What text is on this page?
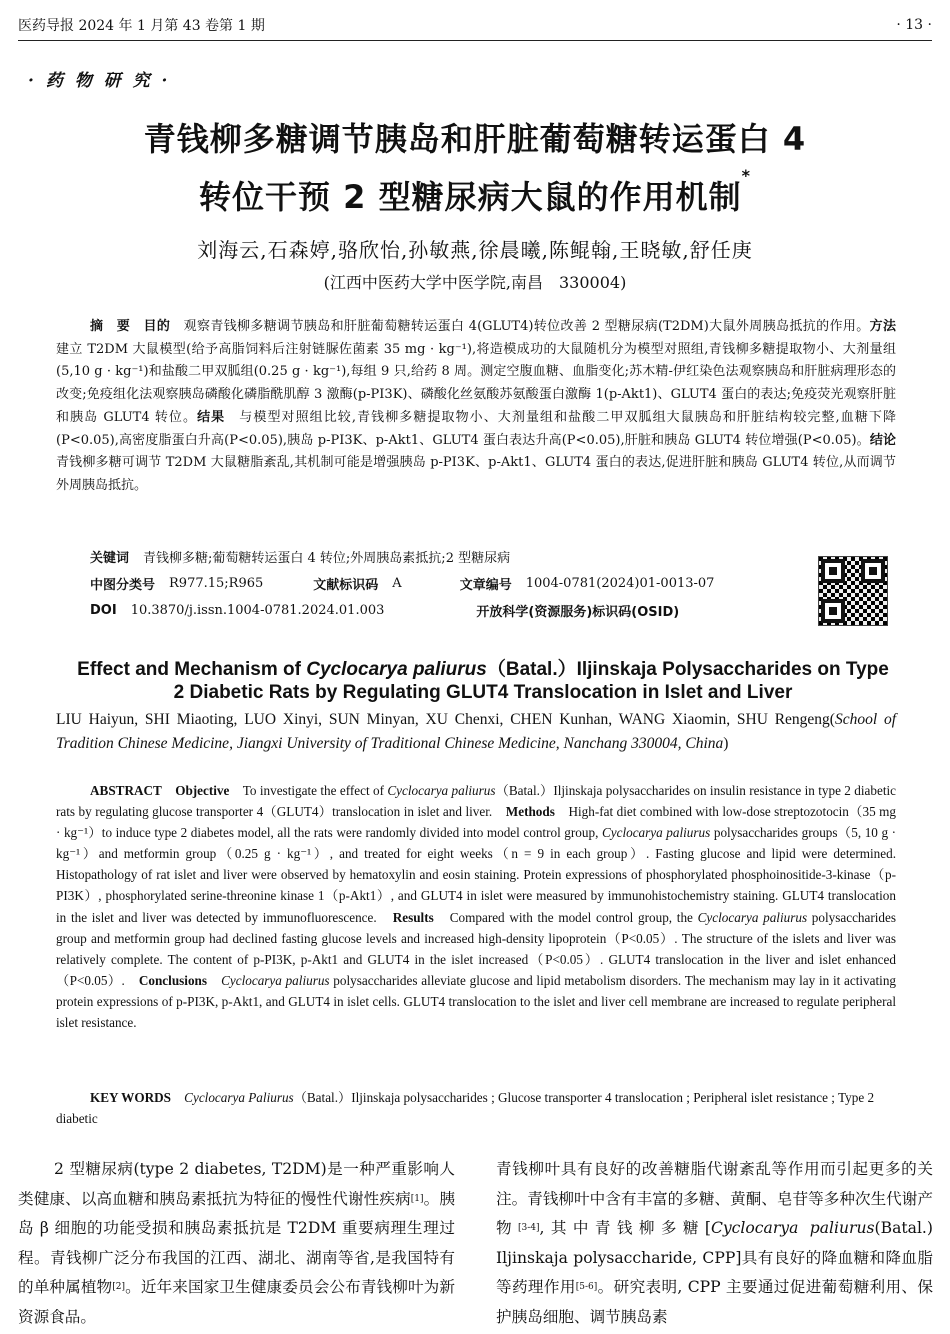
医药导报 2024 年 1 月第 43 卷第 1 期	· 13 ·
· 药 物 研 究 ·
青钱柳多糖调节胰岛和肝脏葡萄糖转运蛋白 4
转位干预 2 型糖尿病大鼠的作用机制*
刘海云,石森婷,骆欣怡,孙敏燕,徐晨曦,陈鲲翰,王晓敏,舒任庚
(江西中医药大学中医学院,南昌　330004)
摘　要　 目的　 观察青钱柳多糖调节胰岛和肝脏葡萄糖转运蛋白 4(GLUT4)转位改善 2 型糖尿病(T2DM)大鼠外周胰岛抵抗的作用。方法　建立 T2DM 大鼠模型(给予高脂饲料后注射链脲佐菌素 35 mg · kg⁻¹),将造模成功的大鼠随机分为模型对照组,青钱柳多糖提取物小、大剂量组(5,10 g · kg⁻¹)和盐酸二甲双胍组(0.25 g · kg⁻¹),每组 9 只,给药 8 周。测定空腹血糖、血脂变化;苏木精-伊红染色法观察胰岛和肝脏病理形态的改变;免疫组化法观察胰岛磷酸化磷脂酰肌醇 3 激酶(p-PI3K)、磷酸化丝氨酸苏氨酸蛋白激酶 1(p-Akt1)、GLUT4 蛋白的表达;免疫荧光观察肝脏和胰岛 GLUT4 转位。结果　 与模型对照组比较,青钱柳多糖提取物小、大剂量组和盐酸二甲双胍组大鼠胰岛和肝脏结构较完整,血糖下降(P<0.05),高密度脂蛋白升高(P<0.05),胰岛 p-PI3K、p-Akt1、GLUT4 蛋白表达升高(P<0.05),肝脏和胰岛 GLUT4 转位增强(P<0.05)。结论　青钱柳多糖可调节 T2DM 大鼠糖脂紊乱,其机制可能是增强胰岛 p-PI3K、p-Akt1、GLUT4 蛋白的表达,促进肝脏和胰岛 GLUT4 转位,从而调节外周胰岛抵抗。
关键词 青钱柳多糖;葡萄糖转运蛋白 4 转位;外周胰岛素抵抗;2 型糖尿病
中图分类号 R977.15;R965	文献标识码 A	文章编号 1004-0781(2024)01-0013-07
DOI 10.3870/j.issn.1004-0781.2024.01.003	开放科学(资源服务)标识码(OSID)
Effect and Mechanism of Cyclocarya paliurus（Batal.）Iljinskaja Polysaccharides on Type
2 Diabetic Rats by Regulating GLUT4 Translocation in Islet and Liver
LIU Haiyun, SHI Miaoting, LUO Xinyi, SUN Minyan, XU Chenxi, CHEN Kunhan, WANG Xiaomin, SHU Rengeng(School of Tradition Chinese Medicine, Jiangxi University of Traditional Chinese Medicine, Nanchang 330004, China)
ABSTRACT　 Objective　 To investigate the effect of Cyclocarya paliurus（Batal.）Iljinskaja polysaccharides on insulin resistance in type 2 diabetic rats by regulating glucose transporter 4（GLUT4）translocation in islet and liver.　 Methods　 High-fat diet combined with low-dose streptozotocin（35 mg · kg⁻¹）to induce type 2 diabetes model, all the rats were randomly divided into model control group, Cyclocarya paliurus polysaccharides groups（5, 10 g · kg⁻¹）and metformin group（0.25 g · kg⁻¹）, and treated for eight weeks（n = 9 in each group）. Fasting glucose and lipid were determined. Histopathology of rat islet and liver were observed by hematoxylin and eosin staining. Protein expressions of phosphorylated phosphoinositide-3-kinase（p-PI3K）, phosphorylated serine-threonine kinase 1（p-Akt1）, and GLUT4 in islet were measured by immunohistochemistry staining. GLUT4 translocation in the islet and liver was detected by immunofluorescence.　 Results　 Compared with the model control group, the Cyclocarya paliurus polysaccharides group and metformin group had declined fasting glucose levels and increased high-density lipoprotein（P<0.05）. The structure of the islets and liver was relatively complete. The content of p-PI3K, p-Akt1 and GLUT4 in the islet increased（P<0.05）. GLUT4 translocation in the liver and islet enhanced（P<0.05）.　 Conclusions　 Cyclocarya paliurus polysaccharides alleviate glucose and lipid metabolism disorders. The mechanism may lay in it activating protein expressions of p-PI3K, p-Akt1, and GLUT4 in islet cells. GLUT4 translocation to the islet and liver cell membrane are increased to regulate peripheral islet resistance.
KEY WORDS　 Cyclocarya Paliurus（Batal.）Iljinskaja polysaccharides ; Glucose transporter 4 translocation ; Peripheral islet resistance ; Type 2 diabetic

2 型糖尿病(type 2 diabetes, T2DM)是一种严重影响人类健康、以高血糖和胰岛素抵抗为特征的慢性代谢性疾病[1]。胰岛 β 细胞的功能受损和胰岛素抵抗是 T2DM 重要病理生理过程。青钱柳广泛分布我国的江西、湖北、湖南等省,是我国特有的单种属植物[2]。近年来国家卫生健康委员会公布青钱柳叶为新资源食品。

青钱柳叶具有良好的改善糖脂代谢紊乱等作用而引起更多的关注。青钱柳叶中含有丰富的多糖、黄酮、皂苷等多种次生代谢产物[3-4],其中青钱柳多糖[Cyclocarya paliurus(Batal.) Iljinskaja polysaccharide, CPP]具有良好的降血糖和降血脂等药理作用[5-6]。研究表明, CPP 主要通过促进葡萄糖利用、保护胰岛细胞、调节胰岛素
